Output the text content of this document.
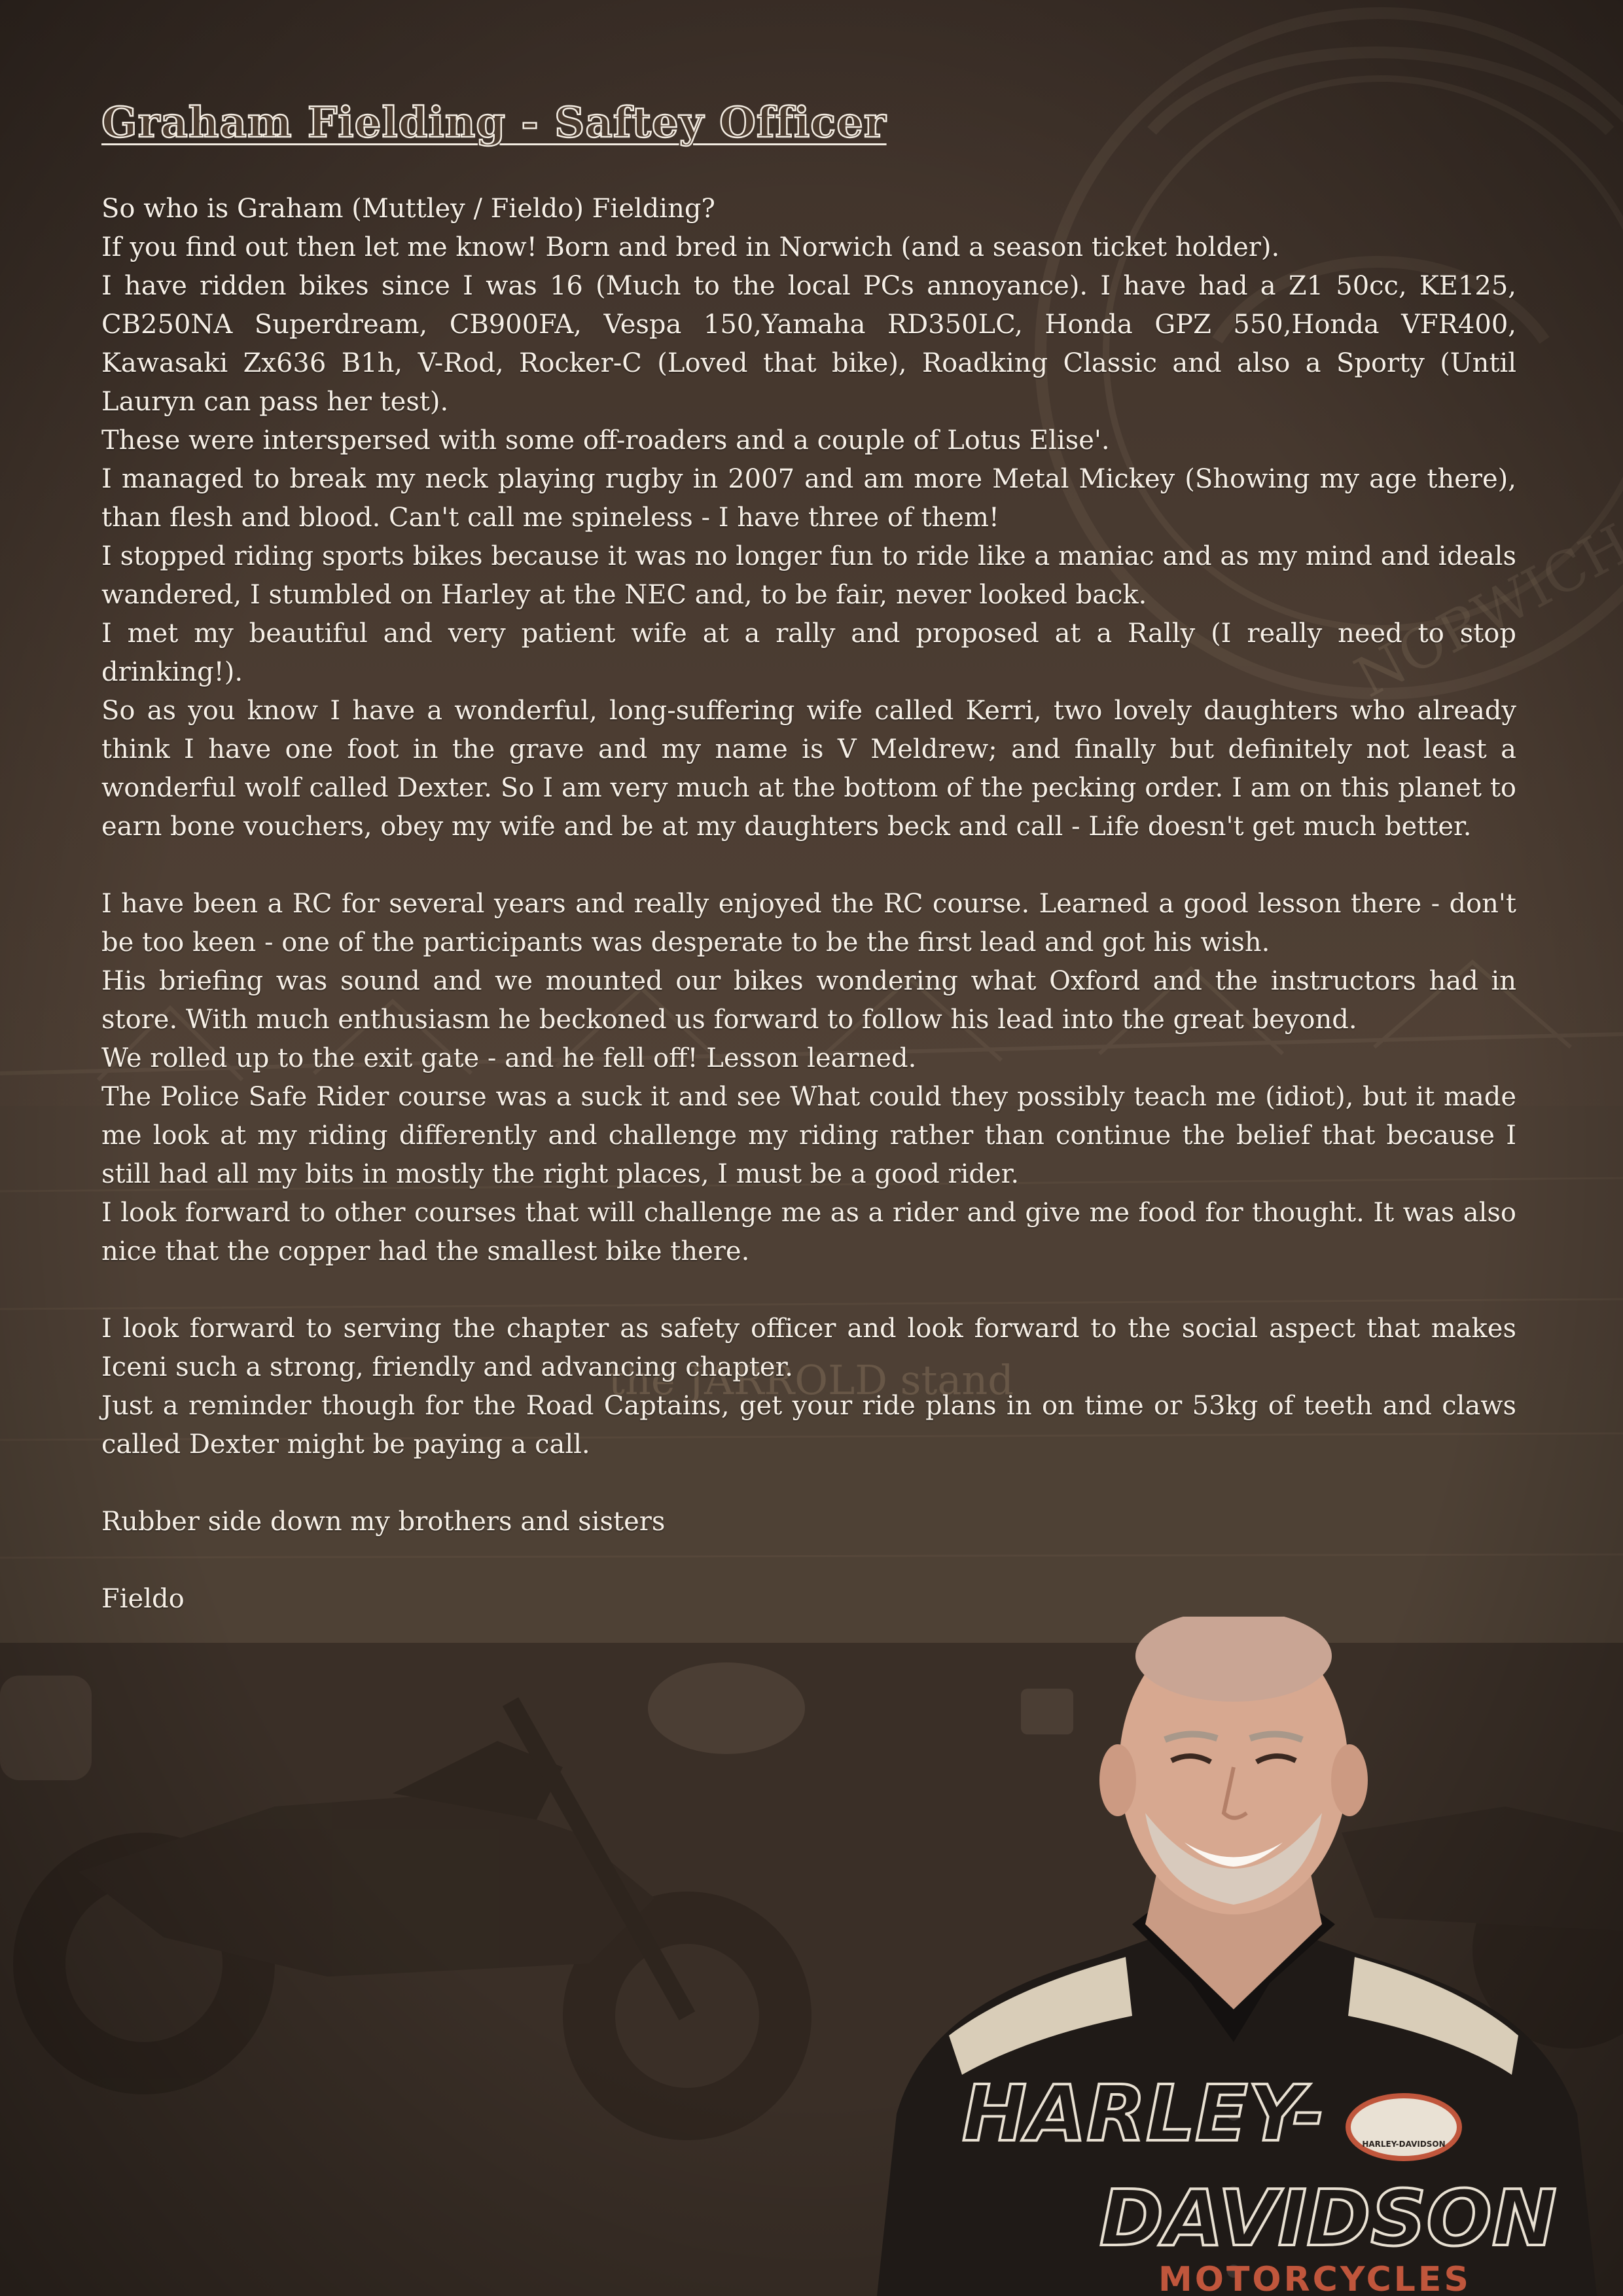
Graham Fielding - Saftey Officer

So who is Graham (Muttley / Fieldo) Fielding?

If you find out then let me know! Born and bred in Norwich (and a season ticket holder).

I have ridden bikes since I was 16 (Much to the local PCs annoyance). I have had a Z1 50cc, KE125, CB250NA Superdream, CB900FA, Vespa 150,Yamaha RD350LC, Honda GPZ 550,Honda VFR400, Kawasaki Zx636 B1h, V-Rod, Rocker-C (Loved that bike), Roadking Classic and also a Sporty (Until Lauryn can pass her test).

These were interspersed with some off-roaders and a couple of Lotus Elise'.

I managed to break my neck playing rugby in 2007 and am more Metal Mickey (Showing my age there), than flesh and blood. Can't call me spineless - I have three of them!

I stopped riding sports bikes because it was no longer fun to ride like a maniac and as my mind and ideals wandered, I stumbled on Harley at the NEC and, to be fair, never looked back.

I met my beautiful and very patient wife at a rally and proposed at a Rally (I really need to stop drinking!).

So as you know I have a wonderful, long-suffering wife called Kerri, two lovely daughters who already think I have one foot in the grave and my name is V Meldrew; and finally but definitely not least a wonderful wolf called Dexter. So I am very much at the bottom of the pecking order. I am on this planet to earn bone vouchers, obey my wife and be at my daughters beck and call - Life doesn't get much better.

I have been a RC for several years and really enjoyed the RC course. Learned a good lesson there - don't be too keen - one of the participants was desperate to be the first lead and got his wish.

His briefing was sound and we mounted our bikes wondering what Oxford and the instructors had in store. With much enthusiasm he beckoned us forward to follow his lead into the great beyond.

We rolled up to the exit gate - and he fell off! Lesson learned.

The Police Safe Rider course was a suck it and see What could they possibly teach me (idiot), but it made me look at my riding differently and challenge my riding rather than continue the belief that because I still had all my bits in mostly the right places, I must be a good rider.

I look forward to other courses that will challenge me as a rider and give me food for thought. It was also nice that the copper had the smallest bike there.

I look forward to serving the chapter as safety officer and look forward to the social aspect that makes Iceni such a strong, friendly and advancing chapter.

Just a reminder though for the Road Captains, get your ride plans in on time or 53kg of teeth and claws called Dexter might be paying a call.

Rubber side down my brothers and sisters

Fieldo

HARLEY-
DAVIDSON
MOTORCYCLES
HARLEY-DAVIDSON
